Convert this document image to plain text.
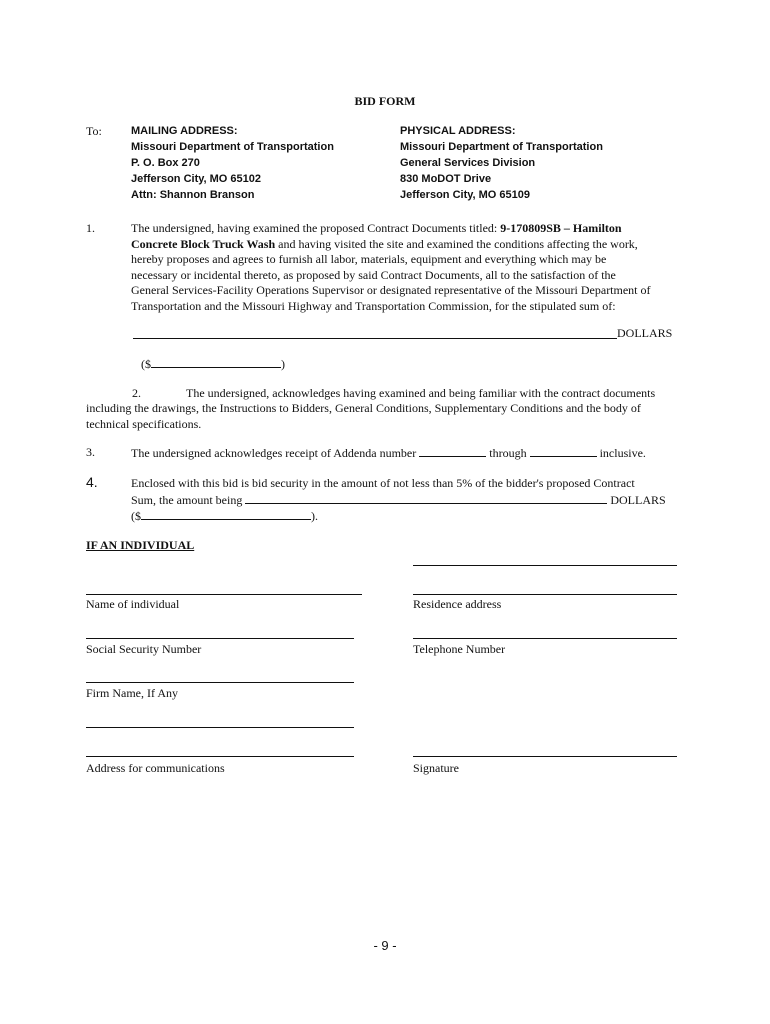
BID FORM
To:	MAILING ADDRESS:
Missouri Department of Transportation
P. O. Box 270
Jefferson City, MO 65102
Attn: Shannon Branson
PHYSICAL ADDRESS:
Missouri Department of Transportation
General Services Division
830 MoDOT Drive
Jefferson City, MO 65109
1.	The undersigned, having examined the proposed Contract Documents titled: 9-170809SB – Hamilton
Concrete Block Truck Wash and having visited the site and examined the conditions affecting the work,
hereby proposes and agrees to furnish all labor, materials, equipment and everything which may be
necessary or incidental thereto, as proposed by said Contract Documents, all to the satisfaction of the
General Services-Facility Operations Supervisor or designated representative of the Missouri Department of
Transportation and the Missouri Highway and Transportation Commission, for the stipulated sum of:
DOLLARS
($	)
2.	The undersigned, acknowledges having examined and being familiar with the contract documents
including the drawings, the Instructions to Bidders, General Conditions, Supplementary Conditions and the body of
technical specifications.
3.	The undersigned acknowledges receipt of Addenda number	through	inclusive.
4.	Enclosed with this bid is bid security in the amount of not less than 5% of the bidder's proposed Contract
Sum, the amount being	DOLLARS
($	).
IF AN INDIVIDUAL
Name of individual	Residence address
Social Security Number	Telephone Number
Firm Name, If Any
Address for communications	Signature
- 9 -
